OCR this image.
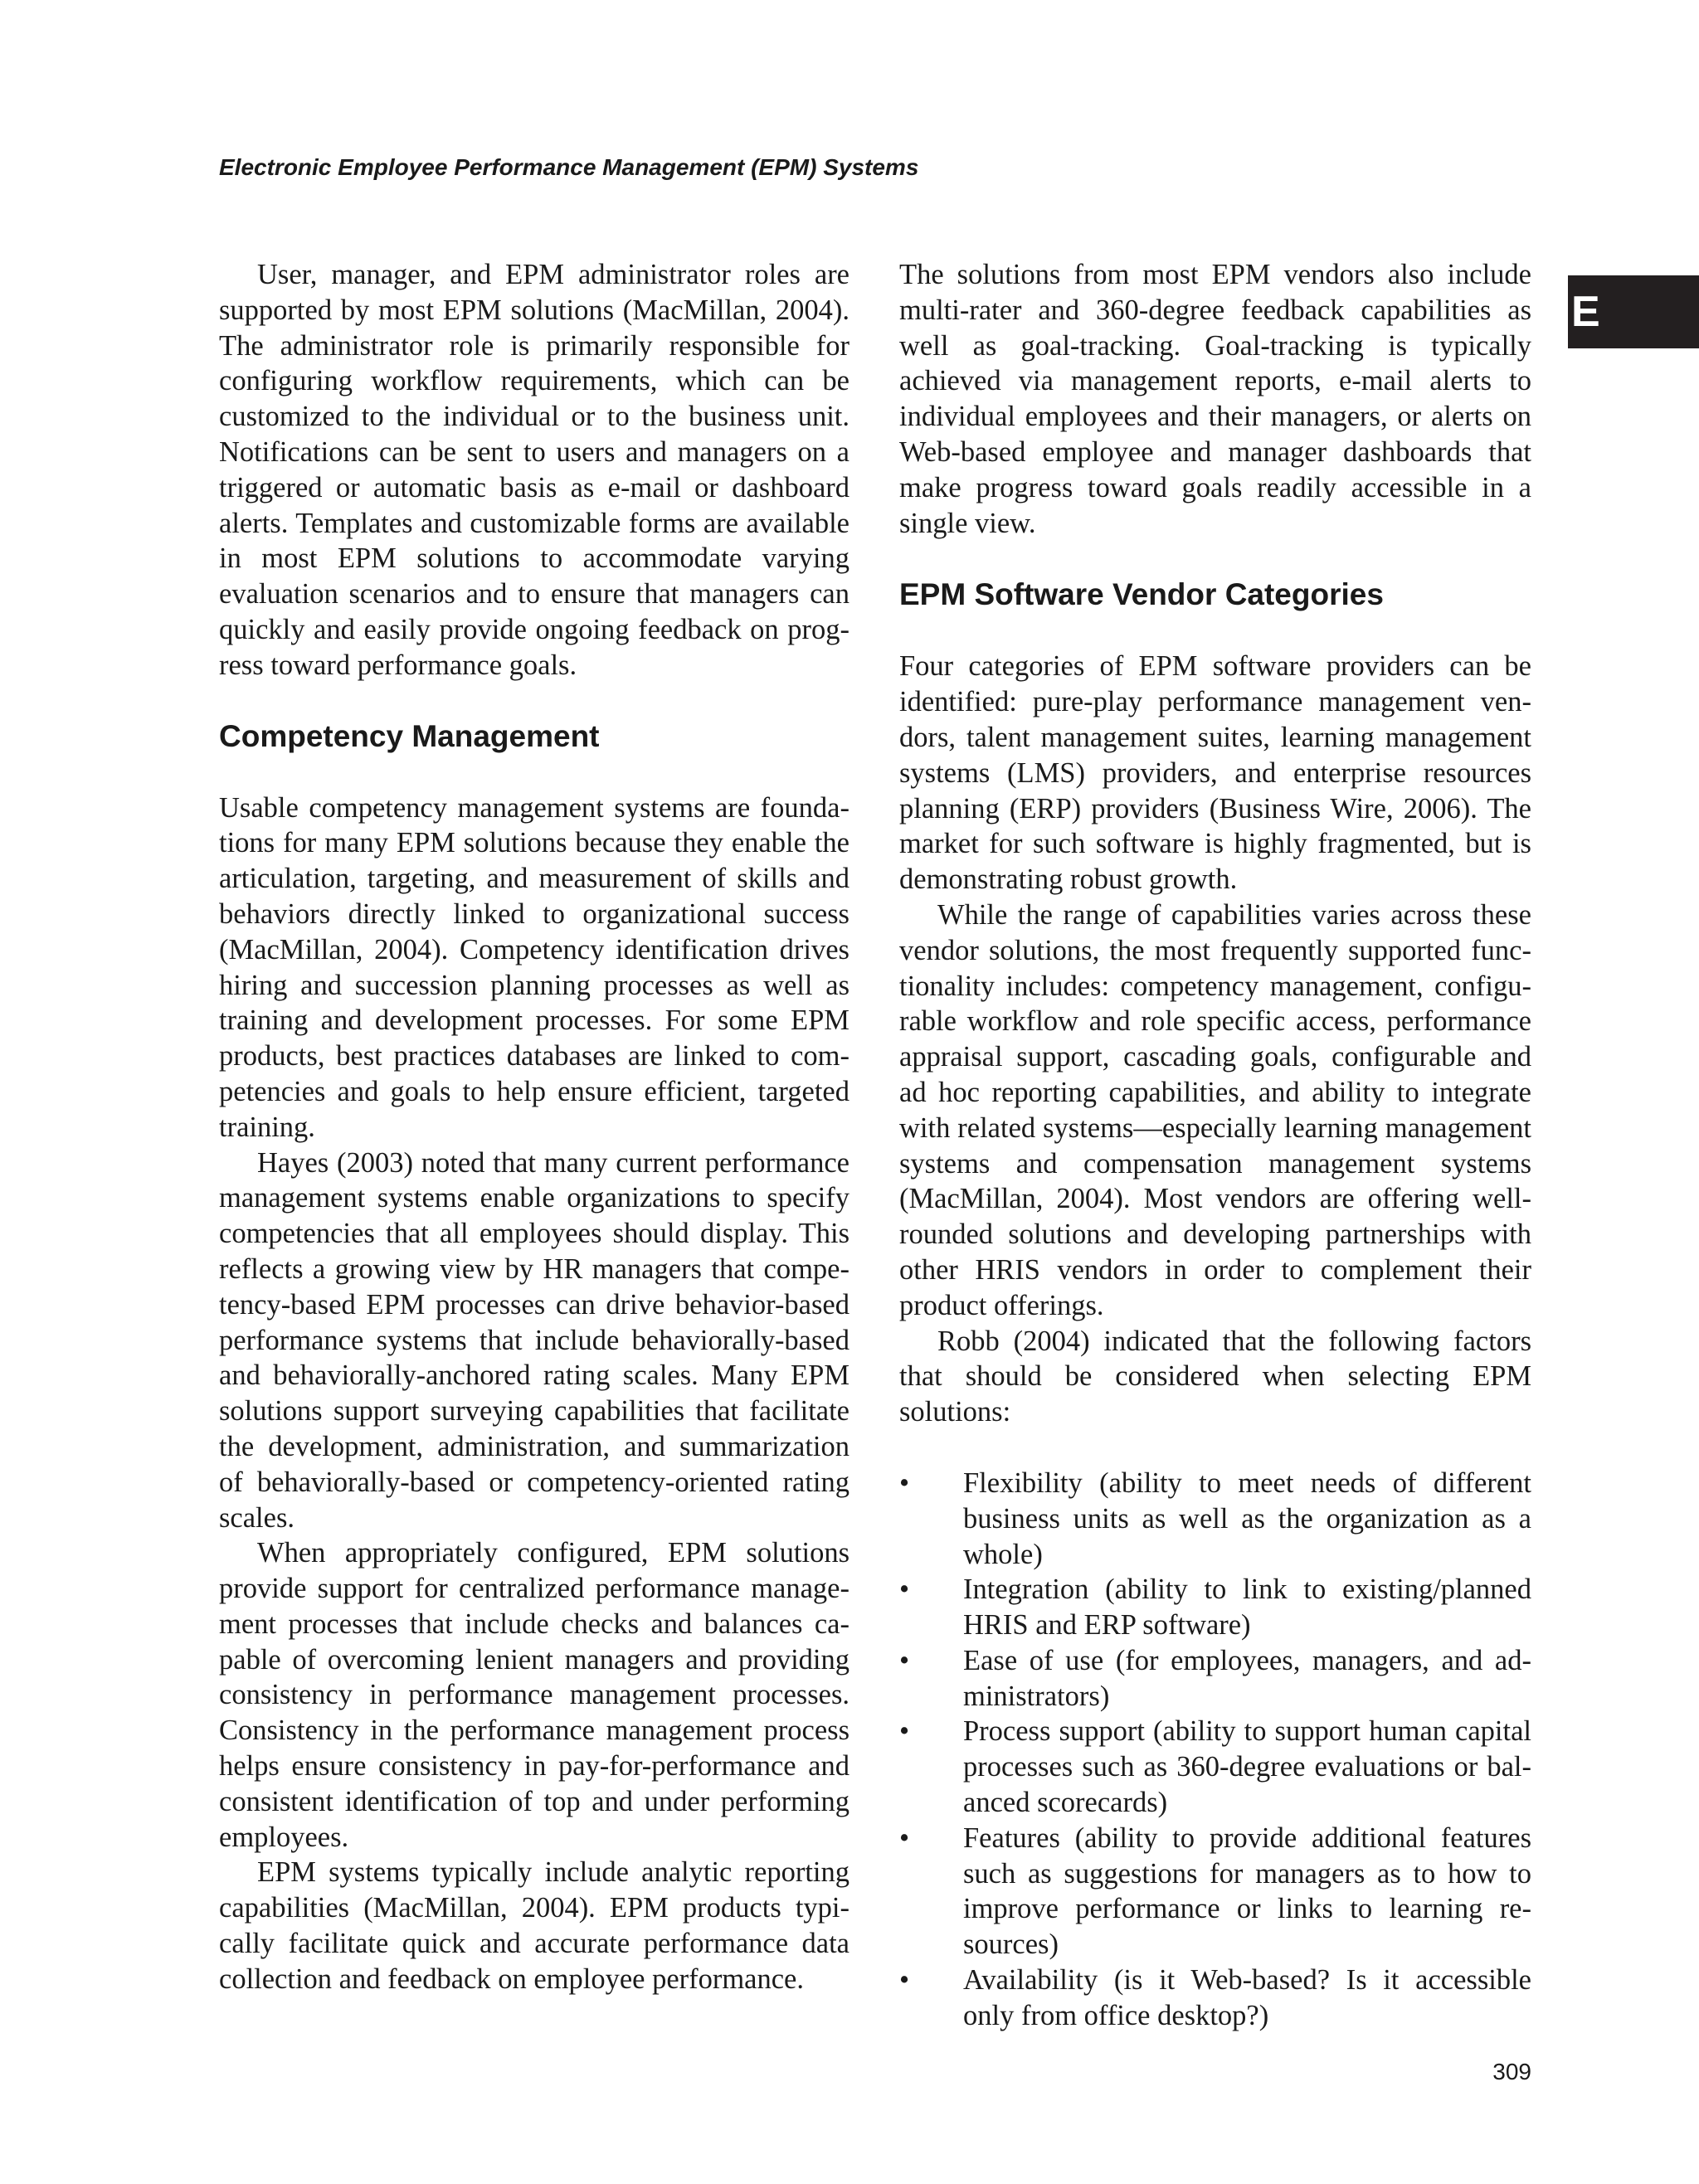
Electronic Employee Performance Management (EPM) Systems
E

User, manager, and EPM administrator roles are supported by most EPM solutions (MacMillan, 2004). The administrator role is primarily responsible for configuring workflow requirements, which can be customized to the individual or to the business unit. Notifications can be sent to users and managers on a triggered or automatic basis as e-mail or dashboard alerts. Templates and customizable forms are available in most EPM solutions to accommodate varying evaluation scenarios and to ensure that managers can quickly and easily provide ongoing feedback on progress toward performance goals.

Competency Management

Usable competency management systems are foundations for many EPM solutions because they enable the articulation, targeting, and measurement of skills and behaviors directly linked to organizational success (MacMillan, 2004). Competency identification drives hiring and succession planning processes as well as training and development processes. For some EPM products, best practices databases are linked to competencies and goals to help ensure efficient, targeted training.

Hayes (2003) noted that many current performance management systems enable organizations to specify competencies that all employees should display. This reflects a growing view by HR managers that competency-based EPM processes can drive behavior-based performance systems that include behaviorally-based and behaviorally-anchored rating scales. Many EPM solutions support surveying capabilities that facilitate the development, administration, and summarization of behaviorally-based or competency-oriented rating scales.

When appropriately configured, EPM solutions provide support for centralized performance management processes that include checks and balances capable of overcoming lenient managers and providing consistency in performance management processes. Consistency in the performance management process helps ensure consistency in pay-for-performance and consistent identification of top and under performing employees.

EPM systems typically include analytic reporting capabilities (MacMillan, 2004). EPM products typically facilitate quick and accurate performance data collection and feedback on employee performance.

The solutions from most EPM vendors also include multi-rater and 360-degree feedback capabilities as well as goal-tracking. Goal-tracking is typically achieved via management reports, e-mail alerts to individual employees and their managers, or alerts on Web-based employee and manager dashboards that make progress toward goals readily accessible in a single view.

EPM Software Vendor Categories

Four categories of EPM software providers can be identified: pure-play performance management vendors, talent management suites, learning management systems (LMS) providers, and enterprise resources planning (ERP) providers (Business Wire, 2006). The market for such software is highly fragmented, but is demonstrating robust growth.

While the range of capabilities varies across these vendor solutions, the most frequently supported functionality includes: competency management, configurable workflow and role specific access, performance appraisal support, cascading goals, configurable and ad hoc reporting capabilities, and ability to integrate with related systems—especially learning management systems and compensation management systems (MacMillan, 2004). Most vendors are offering well-rounded solutions and developing partnerships with other HRIS vendors in order to complement their product offerings.

Robb (2004) indicated that the following factors that should be considered when selecting EPM solutions:

• Flexibility (ability to meet needs of different business units as well as the organization as a whole)
• Integration (ability to link to existing/planned HRIS and ERP software)
• Ease of use (for employees, managers, and administrators)
• Process support (ability to support human capital processes such as 360-degree evaluations or balanced scorecards)
• Features (ability to provide additional features such as suggestions for managers as to how to improve performance or links to learning resources)
• Availability (is it Web-based? Is it accessible only from office desktop?)
309
